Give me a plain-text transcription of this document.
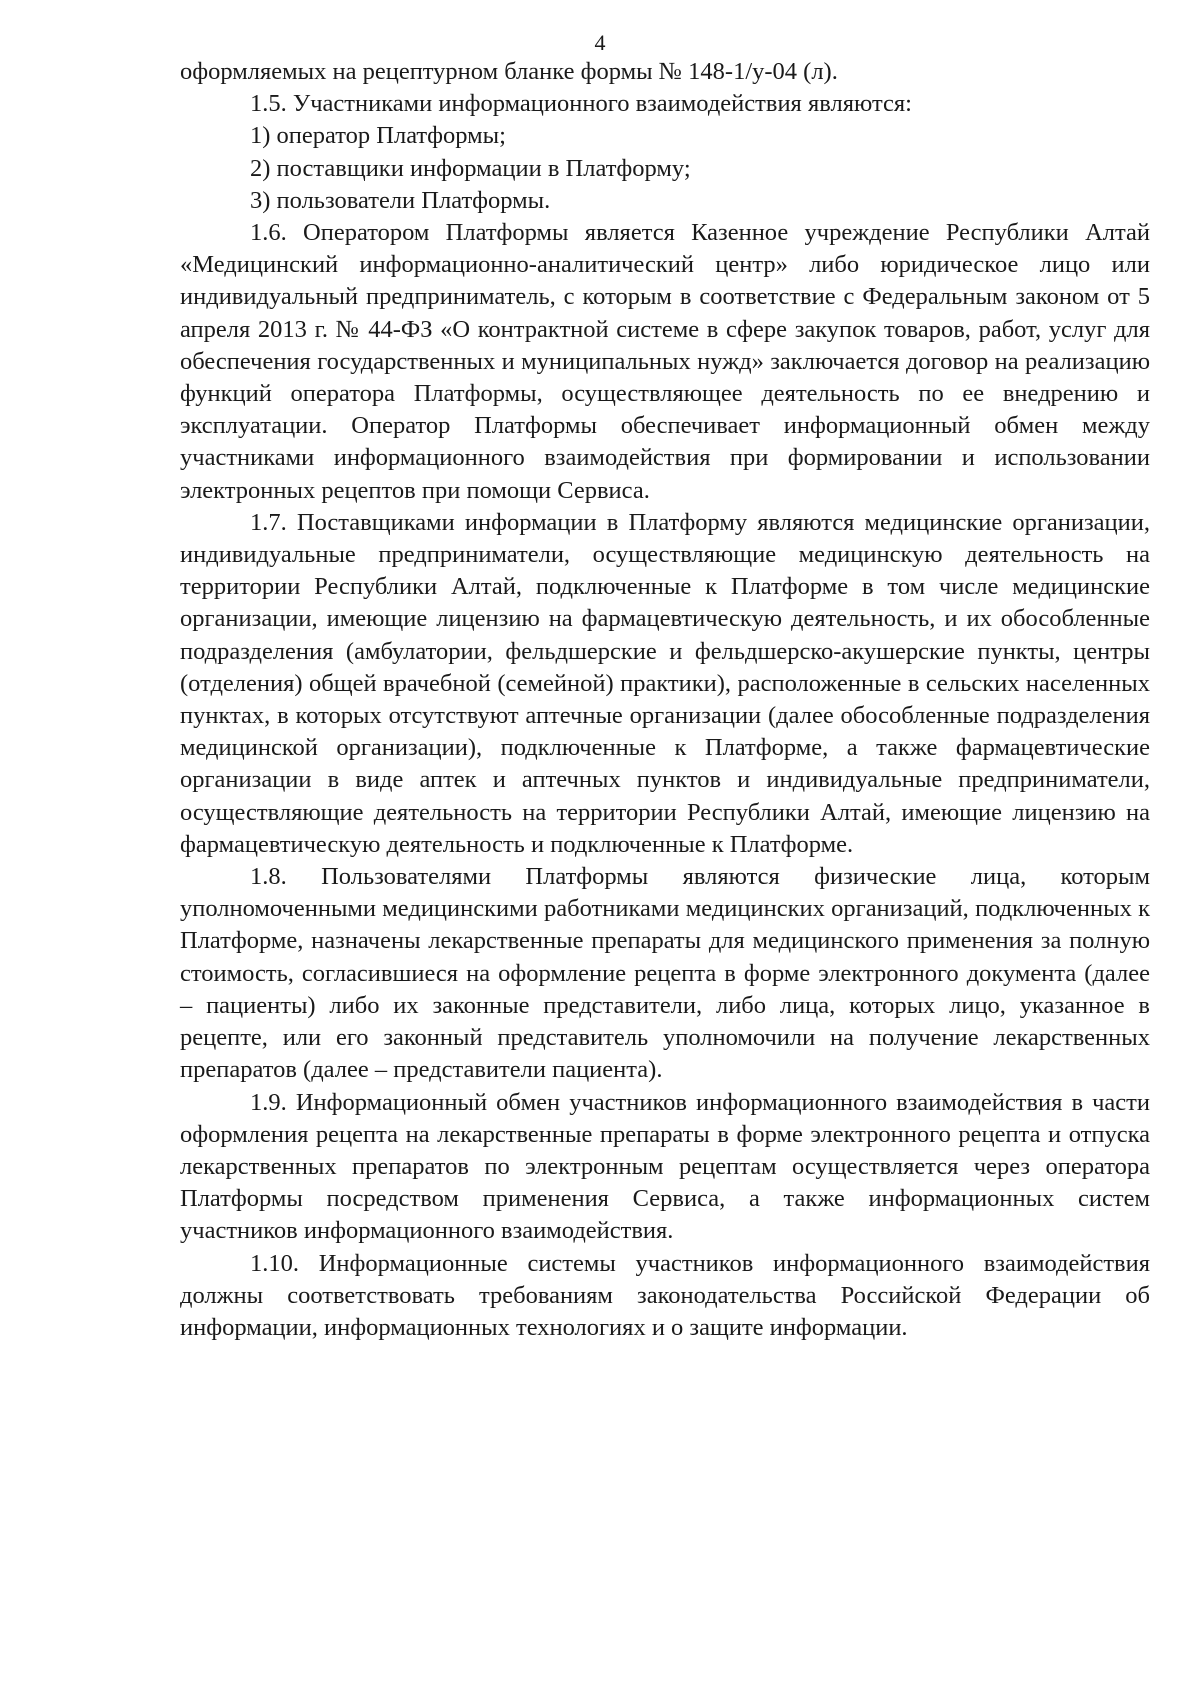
4

оформляемых на рецептурном бланке формы № 148-1/у-04 (л).

1.5. Участниками информационного взаимодействия являются:

1) оператор Платформы;

2) поставщики информации в Платформу;

3) пользователи Платформы.

1.6. Оператором Платформы является Казенное учреждение Республики Алтай «Медицинский информационно-аналитический центр» либо юридическое лицо или индивидуальный предприниматель, с которым в соответствие с Федеральным законом от 5 апреля 2013 г. № 44-ФЗ «О контрактной системе в сфере закупок товаров, работ, услуг для обеспечения государственных и муниципальных нужд» заключается договор на реализацию функций оператора Платформы, осуществляющее деятельность по ее внедрению и эксплуатации. Оператор Платформы обеспечивает информационный обмен между участниками информационного взаимодействия при формировании и использовании электронных рецептов при помощи Сервиса.

1.7. Поставщиками информации в Платформу являются медицинские организации, индивидуальные предприниматели, осуществляющие медицинскую деятельность на территории Республики Алтай, подключенные к Платформе в том числе медицинские организации, имеющие лицензию на фармацевтическую деятельность, и их обособленные подразделения (амбулатории, фельдшерские и фельдшерско-акушерские пункты, центры (отделения) общей врачебной (семейной) практики), расположенные в сельских населенных пунктах, в которых отсутствуют аптечные организации (далее обособленные подразделения медицинской организации), подключенные к Платформе, а также фармацевтические организации в виде аптек и аптечных пунктов и индивидуальные предприниматели, осуществляющие деятельность на территории Республики Алтай, имеющие лицензию на фармацевтическую деятельность и подключенные к Платформе.

1.8. Пользователями Платформы являются физические лица, которым уполномоченными медицинскими работниками медицинских организаций, подключенных к Платформе, назначены лекарственные препараты для медицинского применения за полную стоимость, согласившиеся на оформление рецепта в форме электронного документа (далее – пациенты) либо их законные представители, либо лица, которых лицо, указанное в рецепте, или его законный представитель уполномочили на получение лекарственных препаратов (далее – представители пациента).

1.9. Информационный обмен участников информационного взаимодействия в части оформления рецепта на лекарственные препараты в форме электронного рецепта и отпуска лекарственных препаратов по электронным рецептам осуществляется через оператора Платформы посредством применения Сервиса, а также информационных систем участников информационного взаимодействия.

1.10. Информационные системы участников информационного взаимодействия должны соответствовать требованиям законодательства Российской Федерации об информации, информационных технологиях и о защите информации.
